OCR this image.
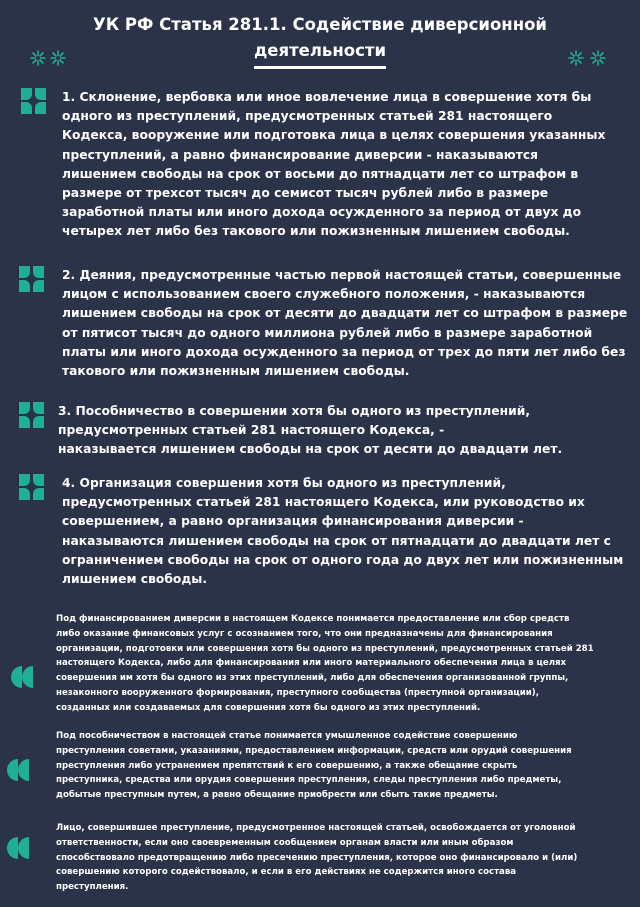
УК РФ Статья 281.1. Содействие диверсионной
деятельности
1. Склонение, вербовка или иное вовлечение лица в совершение хотя бы
одного из преступлений, предусмотренных статьей 281 настоящего
Кодекса, вооружение или подготовка лица в целях совершения указанных
преступлений, а равно финансирование диверсии - наказываются
лишением свободы на срок от восьми до пятнадцати лет со штрафом в
размере от трехсот тысяч до семисот тысяч рублей либо в размере
заработной платы или иного дохода осужденного за период от двух до
четырех лет либо без такового или пожизненным лишением свободы.
2. Деяния, предусмотренные частью первой настоящей статьи, совершенные
лицом с использованием своего служебного положения, - наказываются
лишением свободы на срок от десяти до двадцати лет со штрафом в размере
от пятисот тысяч до одного миллиона рублей либо в размере заработной
платы или иного дохода осужденного за период от трех до пяти лет либо без
такового или пожизненным лишением свободы.
3. Пособничество в совершении хотя бы одного из преступлений,
предусмотренных статьей 281 настоящего Кодекса, -
наказывается лишением свободы на срок от десяти до двадцати лет.
4. Организация совершения хотя бы одного из преступлений,
предусмотренных статьей 281 настоящего Кодекса, или руководство их
совершением, а равно организация финансирования диверсии -
наказываются лишением свободы на срок от пятнадцати до двадцати лет с
ограничением свободы на срок от одного года до двух лет или пожизненным
лишением свободы.
Под финансированием диверсии в настоящем Кодексе понимается предоставление или сбор средств
либо оказание финансовых услуг с осознанием того, что они предназначены для финансирования
организации, подготовки или совершения хотя бы одного из преступлений, предусмотренных статьей 281
настоящего Кодекса, либо для финансирования или иного материального обеспечения лица в целях
совершения им хотя бы одного из этих преступлений, либо для обеспечения организованной группы,
незаконного вооруженного формирования, преступного сообщества (преступной организации),
созданных или создаваемых для совершения хотя бы одного из этих преступлений.
Под пособничеством в настоящей статье понимается умышленное содействие совершению
преступления советами, указаниями, предоставлением информации, средств или орудий совершения
преступления либо устранением препятствий к его совершению, а также обещание скрыть
преступника, средства или орудия совершения преступления, следы преступления либо предметы,
добытые преступным путем, а равно обещание приобрести или сбыть такие предметы.
Лицо, совершившее преступление, предусмотренное настоящей статьей, освобождается от уголовной
ответственности, если оно своевременным сообщением органам власти или иным образом
способствовало предотвращению либо пресечению преступления, которое оно финансировало и (или)
совершению которого содействовало, и если в его действиях не содержится иного состава
преступления.
